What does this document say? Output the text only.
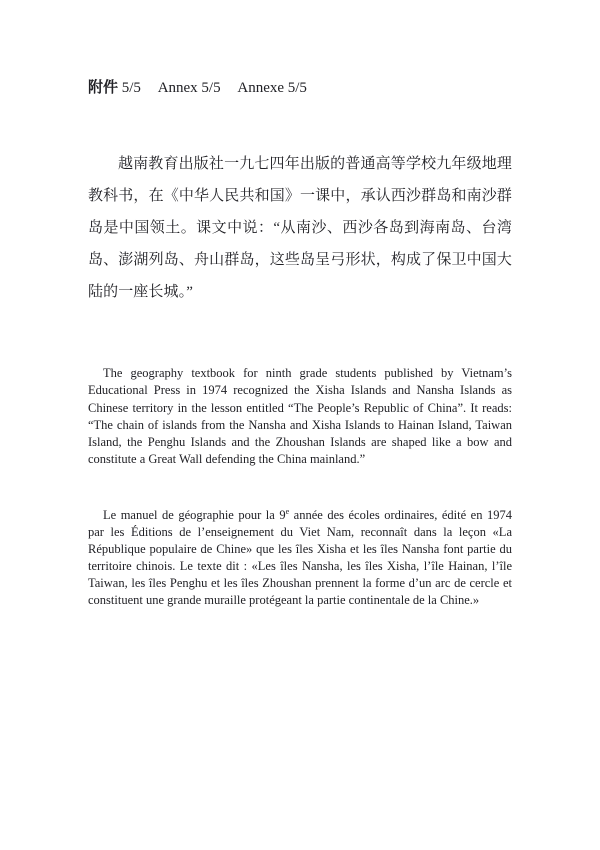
附件 5/5 Annex 5/5 Annexe 5/5
越南教育出版社一九七四年出版的普通高等学校九年级地理教科书，在《中华人民共和国》一课中，承认西沙群岛和南沙群岛是中国领土。课文中说：“从南沙、西沙各岛到海南岛、台湾岛、澎湖列岛、舟山群岛，这些岛呈弓形状，构成了保卫中国大陆的一座长城。”
The geography textbook for ninth grade students published by Vietnam’s Educational Press in 1974 recognized the Xisha Islands and Nansha Islands as Chinese territory in the lesson entitled “The People’s Republic of China”. It reads: “The chain of islands from the Nansha and Xisha Islands to Hainan Island, Taiwan Island, the Penghu Islands and the Zhoushan Islands are shaped like a bow and constitute a Great Wall defending the China mainland.”
Le manuel de géographie pour la 9e année des écoles ordinaires, édité en 1974 par les Éditions de l’enseignement du Viet Nam, reconnaît dans la leçon «La République populaire de Chine» que les îles Xisha et les îles Nansha font partie du territoire chinois. Le texte dit : «Les îles Nansha, les îles Xisha, l’île Hainan, l’île Taiwan, les îles Penghu et les îles Zhoushan prennent la forme d’un arc de cercle et constituent une grande muraille protégeant la partie continentale de la Chine.»
